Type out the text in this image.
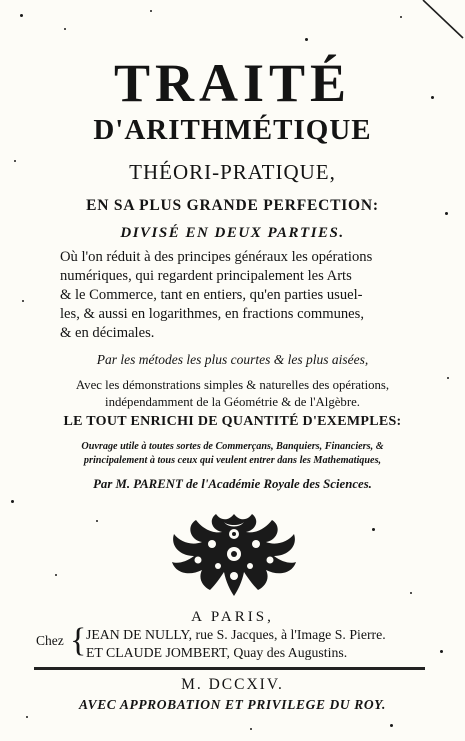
TRAITÉ
D'ARITHMÉTIQUE
THÉORI-PRATIQUE,
EN SA PLUS GRANDE PERFECTION:
DIVISÉ EN DEUX PARTIES.
Où l'on réduit à des principes généraux les opérations
numériques, qui regardent principalement les Arts
& le Commerce, tant en entiers, qu'en parties usuel-
les, & aussi en logarithmes, en fractions communes,
& en décimales.
Par les métodes les plus courtes & les plus aisées,
Avec les démonstrations simples & naturelles des opérations,
indépendamment de la Géométrie & de l'Algèbre.
LE TOUT ENRICHI DE QUANTITÉ D'EXEMPLES:
Ouvrage utile à toutes sortes de Commerçans, Banquiers, Financiers, &
principalement à tous ceux qui veulent entrer dans les Mathematiques,
Par M. PARENT de l'Académie Royale des Sciences.
A PARIS,
Chez { JEAN DE NULLY, rue S. Jacques, à l'Image S. Pierre.
ET CLAUDE JOMBERT, Quay des Augustins.
M. DCCXIV.
AVEC APPROBATION ET PRIVILEGE DU ROY.
